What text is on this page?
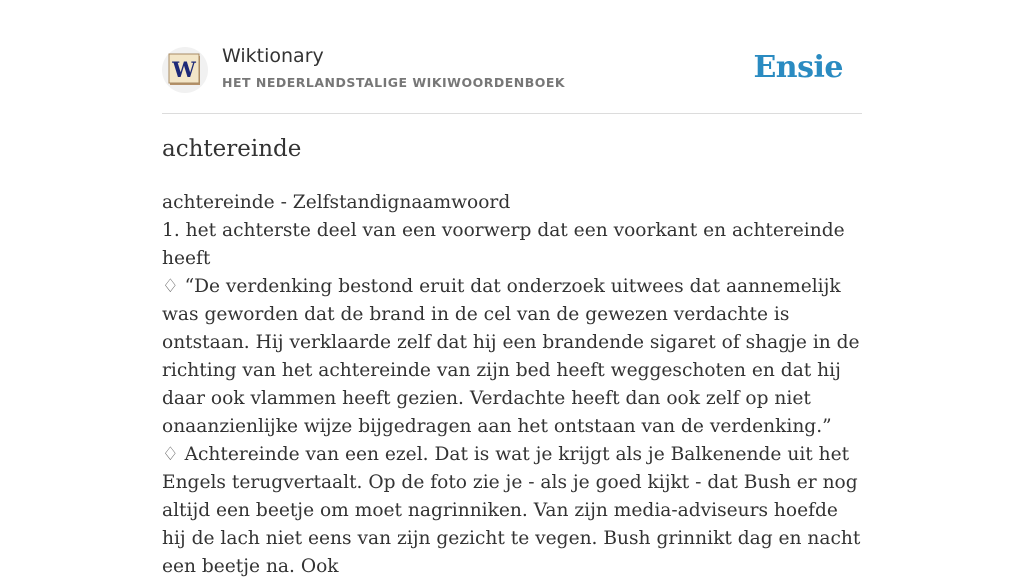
W
Wiktionary
HET NEDERLANDSTALIGE WIKIWOORDENBOEK	Ensie
achtereinde

achtereinde - Zelfstandignaamwoord

1. het achterste deel van een voorwerp dat een voorkant en achtereinde heeft

♢ “De verdenking bestond eruit dat onderzoek uitwees dat aannemelijk was geworden dat de brand in de cel van de gewezen verdachte is ontstaan. Hij verklaarde zelf dat hij een brandende sigaret of shagje in de richting van het achtereinde van zijn bed heeft weggeschoten en dat hij daar ook vlammen heeft gezien. Verdachte heeft dan ook zelf op niet onaanzienlijke wijze bijgedragen aan het ontstaan van de verdenking.”

♢ Achtereinde van een ezel. Dat is wat je krijgt als je Balkenende uit het Engels terugvertaalt. Op de foto zie je - als je goed kijkt - dat Bush er nog altijd een beetje om moet nagrinniken. Van zijn media-adviseurs hoefde hij de lach niet eens van zijn gezicht te vegen. Bush grinnikt dag en nacht een beetje na. Ook
